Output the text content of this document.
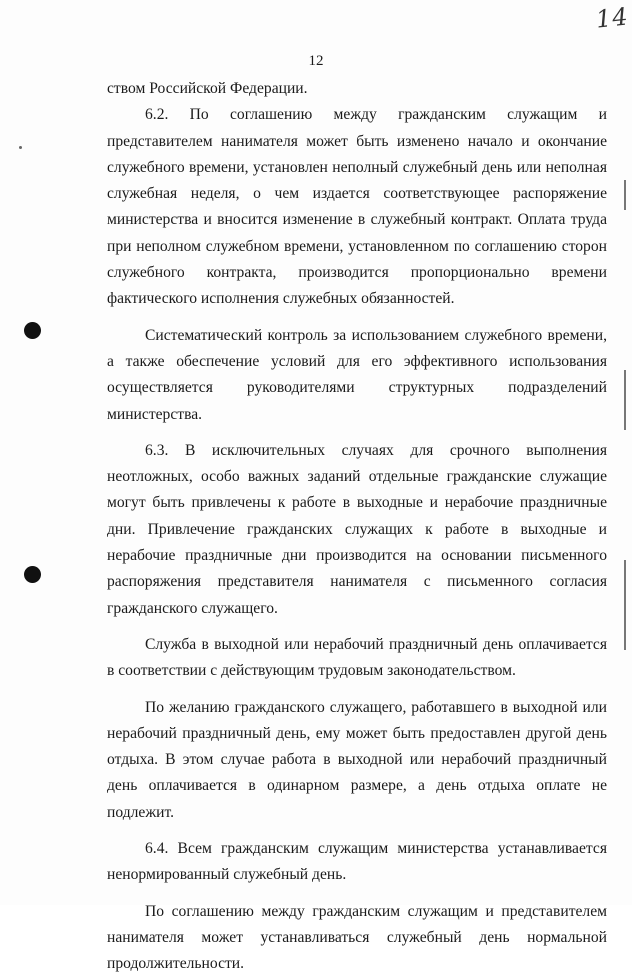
14
12

ством Российской Федерации.

6.2. По соглашению между гражданским служащим и представителем нанимателя может быть изменено начало и окончание служебного времени, установлен неполный служебный день или неполная служебная неделя, о чем издается соответствующее распоряжение министерства и вносится изменение в служебный контракт. Оплата труда при неполном служебном времени, установленном по соглашению сторон служебного контракта, производится пропорционально времени фактического исполнения служебных обязанностей.

Систематический контроль за использованием служебного времени, а также обеспечение условий для его эффективного использования осуществляется руководителями структурных подразделений министерства.

6.3. В исключительных случаях для срочного выполнения неотложных, особо важных заданий отдельные гражданские служащие могут быть привлечены к работе в выходные и нерабочие праздничные дни. Привлечение гражданских служащих к работе в выходные и нерабочие праздничные дни производится на основании письменного распоряжения представителя нанимателя с письменного согласия гражданского служащего.

Служба в выходной или нерабочий праздничный день оплачивается в соответствии с действующим трудовым законодательством.

По желанию гражданского служащего, работавшего в выходной или нерабочий праздничный день, ему может быть предоставлен другой день отдыха. В этом случае работа в выходной или нерабочий праздничный день оплачивается в одинарном размере, а день отдыха оплате не подлежит.

6.4. Всем гражданским служащим министерства устанавливается ненормированный служебный день.

По соглашению между гражданским служащим и представителем нанимателя может устанавливаться служебный день нормальной продолжительности.
